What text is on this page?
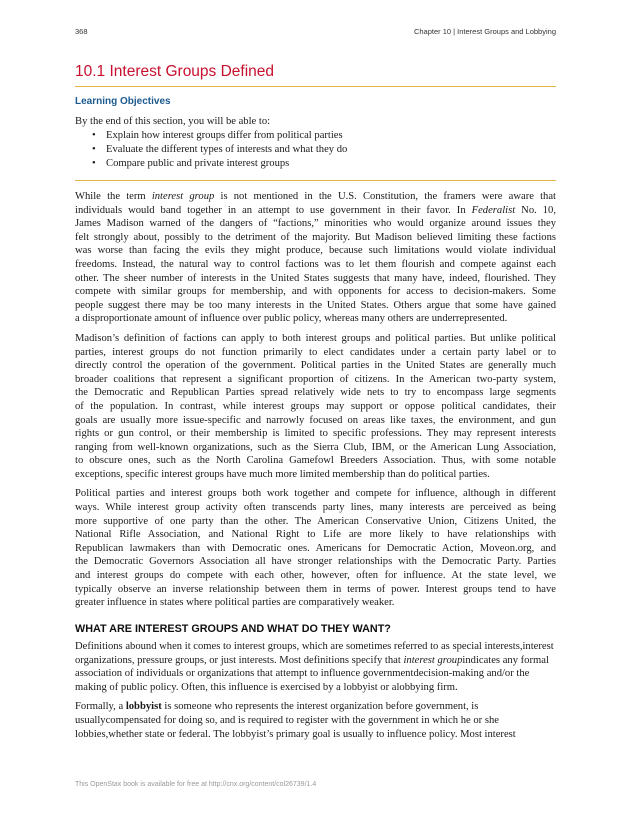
368	Chapter 10 | Interest Groups and Lobbying
10.1 Interest Groups Defined
Learning Objectives
By the end of this section, you will be able to:
• Explain how interest groups differ from political parties
• Evaluate the different types of interests and what they do
• Compare public and private interest groups

While the term interest group is not mentioned in the U.S. Constitution, the framers were aware that
individuals would band together in an attempt to use government in their favor. In Federalist No. 10,
James Madison warned of the dangers of “factions,” minorities who would organize around issues they
felt strongly about, possibly to the detriment of the majority. But Madison believed limiting these factions
was worse than facing the evils they might produce, because such limitations would violate individual
freedoms. Instead, the natural way to control factions was to let them flourish and compete against each
other. The sheer number of interests in the United States suggests that many have, indeed, flourished. They
compete with similar groups for membership, and with opponents for access to decision-makers. Some
people suggest there may be too many interests in the United States. Others argue that some have gained
a disproportionate amount of influence over public policy, whereas many others are underrepresented.

Madison’s definition of factions can apply to both interest groups and political parties. But unlike political
parties, interest groups do not function primarily to elect candidates under a certain party label or to
directly control the operation of the government. Political parties in the United States are generally much
broader coalitions that represent a significant proportion of citizens. In the American two-party system,
the Democratic and Republican Parties spread relatively wide nets to try to encompass large segments
of the population. In contrast, while interest groups may support or oppose political candidates, their
goals are usually more issue-specific and narrowly focused on areas like taxes, the environment, and gun
rights or gun control, or their membership is limited to specific professions. They may represent interests
ranging from well-known organizations, such as the Sierra Club, IBM, or the American Lung Association,
to obscure ones, such as the North Carolina Gamefowl Breeders Association. Thus, with some notable
exceptions, specific interest groups have much more limited membership than do political parties.

Political parties and interest groups both work together and compete for influence, although in different
ways. While interest group activity often transcends party lines, many interests are perceived as being
more supportive of one party than the other. The American Conservative Union, Citizens United, the
National Rifle Association, and National Right to Life are more likely to have relationships with
Republican lawmakers than with Democratic ones. Americans for Democratic Action, Moveon.org, and
the Democratic Governors Association all have stronger relationships with the Democratic Party. Parties
and interest groups do compete with each other, however, often for influence. At the state level, we
typically observe an inverse relationship between them in terms of power. Interest groups tend to have
greater influence in states where political parties are comparatively weaker.

WHAT ARE INTEREST GROUPS AND WHAT DO THEY WANT?

Definitions abound when it comes to interest groups, which are sometimes referred to as special interests,interest organizations, pressure groups, or just interests. Most definitions specify that interest groupindicates any formal association of individuals or organizations that attempt to influence governmentdecision-making and/or the making of public policy. Often, this influence is exercised by a lobbyist or alobbying firm.

Formally, a lobbyist is someone who represents the interest organization before government, is usuallycompensated for doing so, and is required to register with the government in which he or she lobbies,whether state or federal. The lobbyist’s primary goal is usually to influence policy. Most interest

This OpenStax book is available for free at http://cnx.org/content/col26739/1.4
